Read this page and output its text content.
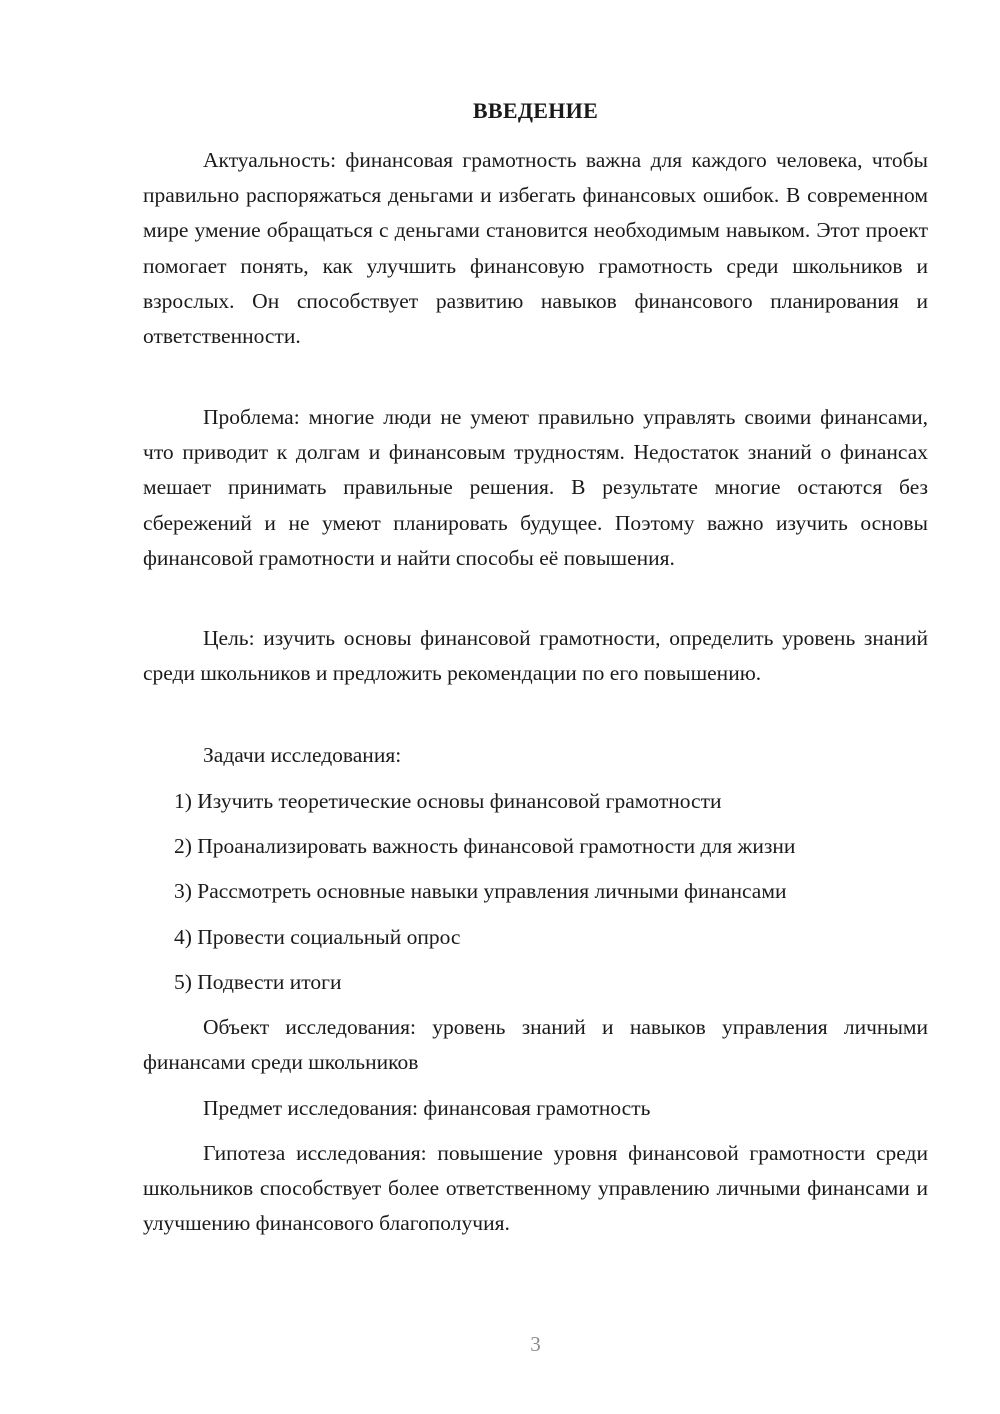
ВВЕДЕНИЕ

Актуальность: финансовая грамотность важна для каждого человека, чтобы правильно распоряжаться деньгами и избегать финансовых ошибок. В современном мире умение обращаться с деньгами становится необходимым навыком. Этот проект помогает понять, как улучшить финансовую грамотность среди школьников и взрослых. Он способствует развитию навыков финансового планирования и ответственности.

Проблема: многие люди не умеют правильно управлять своими финансами, что приводит к долгам и финансовым трудностям. Недостаток знаний о финансах мешает принимать правильные решения. В результате многие остаются без сбережений и не умеют планировать будущее. Поэтому важно изучить основы финансовой грамотности и найти способы её повышения.

Цель: изучить основы финансовой грамотности, определить уровень знаний среди школьников и предложить рекомендации по его повышению.

Задачи исследования:

1) Изучить теоретические основы финансовой грамотности

2) Проанализировать важность финансовой грамотности для жизни

3) Рассмотреть основные навыки управления личными финансами

4) Провести социальный опрос

5) Подвести итоги

Объект исследования: уровень знаний и навыков управления личными финансами среди школьников

Предмет исследования: финансовая грамотность

Гипотеза исследования: повышение уровня финансовой грамотности среди школьников способствует более ответственному управлению личными финансами и улучшению финансового благополучия.

3
